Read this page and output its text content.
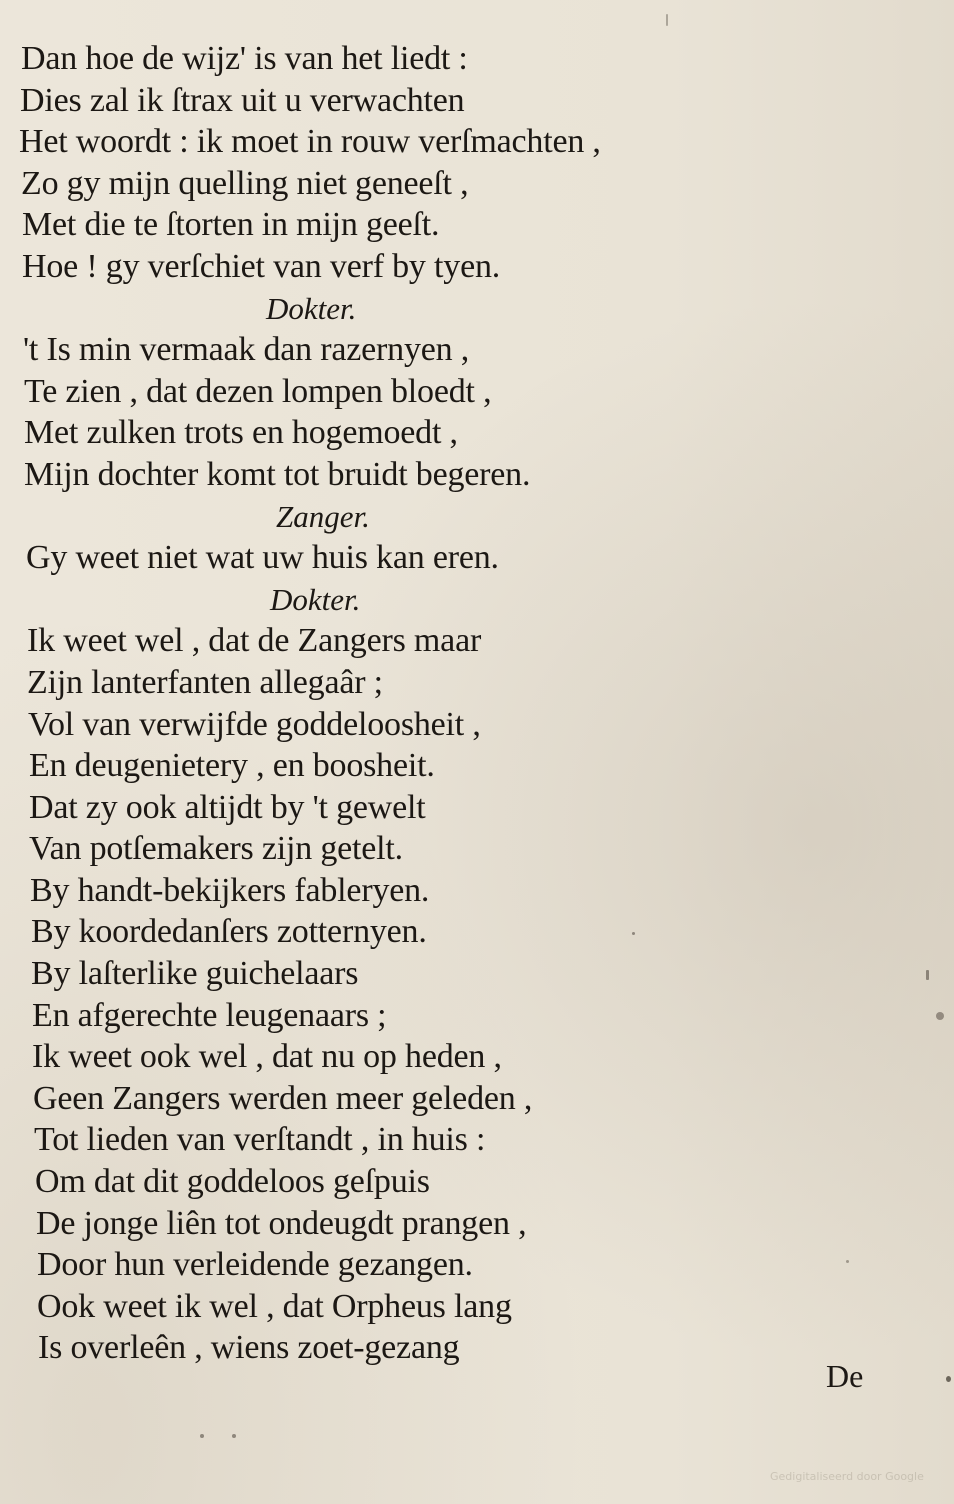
Dan hoe de wijz' is van het liedt :
Dies zal ik ſtrax uit u verwachten
Het woordt : ik moet in rouw verſmachten ,
Zo gy mijn quelling niet geneeſt ,
Met die te ſtorten in mijn geeſt.
Hoe ! gy verſchiet van verf by tyen.
Dokter.
't Is min vermaak dan razernyen ,
Te zien , dat dezen lompen bloedt ,
Met zulken trots en hogemoedt ,
Mijn dochter komt tot bruidt begeren.
Zanger.
Gy weet niet wat uw huis kan eren.
Dokter.
Ik weet wel , dat de Zangers maar
Zijn lanterfanten allegaâr ;
Vol van verwijfde goddeloosheit ,
En deugenietery , en boosheit.
Dat zy ook altijdt by 't gewelt
Van potſemakers zijn getelt.
By handt-bekijkers fableryen.
By koordedanſers zotternyen.
By laſterlike guichelaars
En afgerechte leugenaars ;
Ik weet ook wel , dat nu op heden ,
Geen Zangers werden meer geleden ,
Tot lieden van verſtandt , in huis :
Om dat dit goddeloos geſpuis
De jonge liên tot ondeugdt prangen ,
Door hun verleidende gezangen.
Ook weet ik wel , dat Orpheus lang
Is overleên , wiens zoet-gezang
De
Gedigitaliseerd door Google
